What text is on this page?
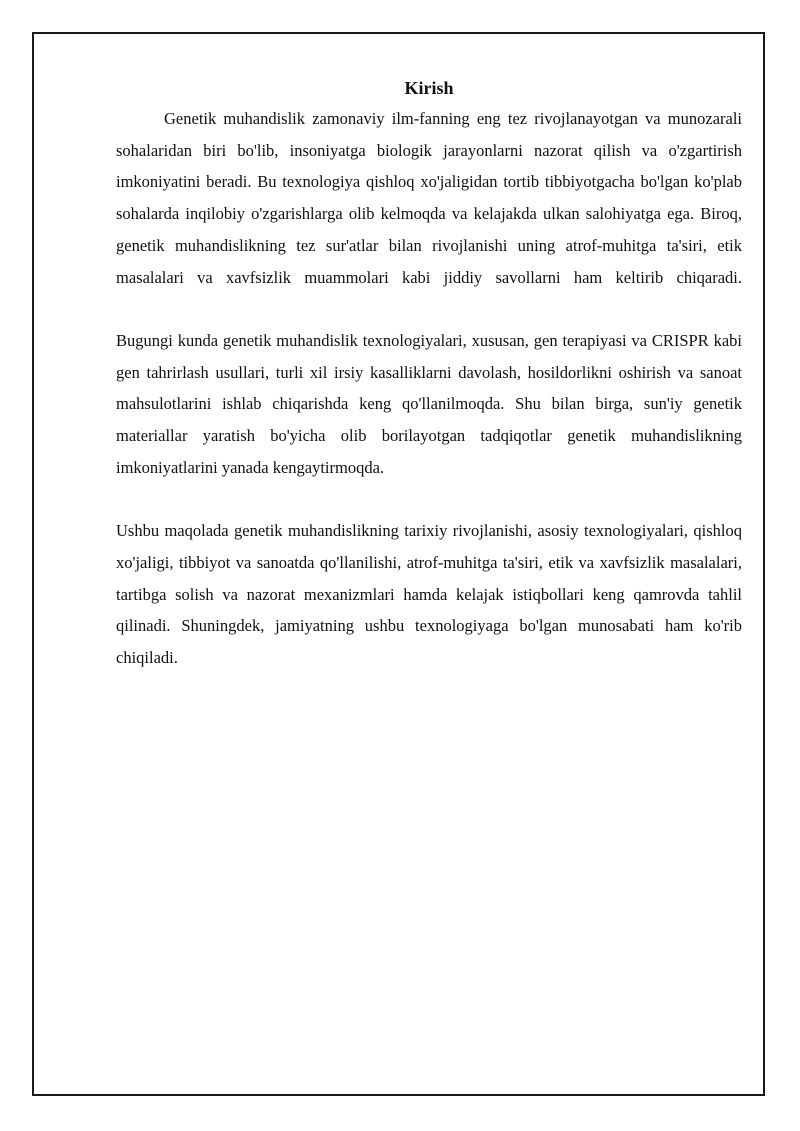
Kirish

Genetik muhandislik zamonaviy ilm-fanning eng tez rivojlanayotgan va munozarali sohalaridan biri bo'lib, insoniyatga biologik jarayonlarni nazorat qilish va o'zgartirish imkoniyatini beradi. Bu texnologiya qishloq xo'jaligidan tortib tibbiyotgacha bo'lgan ko'plab sohalarda inqilobiy o'zgarishlarga olib kelmoqda va kelajakda ulkan salohiyatga ega. Biroq, genetik muhandislikning tez sur'atlar bilan rivojlanishi uning atrof-muhitga ta'siri, etik masalalari va xavfsizlik muammolari kabi jiddiy savollarni ham keltirib chiqaradi.

Bugungi kunda genetik muhandislik texnologiyalari, xususan, gen terapiyasi va CRISPR kabi gen tahrirlash usullari, turli xil irsiy kasalliklarni davolash, hosildorlikni oshirish va sanoat mahsulotlarini ishlab chiqarishda keng qo'llanilmoqda. Shu bilan birga, sun'iy genetik materiallar yaratish bo'yicha olib borilayotgan tadqiqotlar genetik muhandislikning imkoniyatlarini yanada kengaytirmoqda.

Ushbu maqolada genetik muhandislikning tarixiy rivojlanishi, asosiy texnologiyalari, qishloq xo'jaligi, tibbiyot va sanoatda qo'llanilishi, atrof-muhitga ta'siri, etik va xavfsizlik masalalari, tartibga solish va nazorat mexanizmlari hamda kelajak istiqbollari keng qamrovda tahlil qilinadi. Shuningdek, jamiyatning ushbu texnologiyaga bo'lgan munosabati ham ko'rib chiqiladi.
